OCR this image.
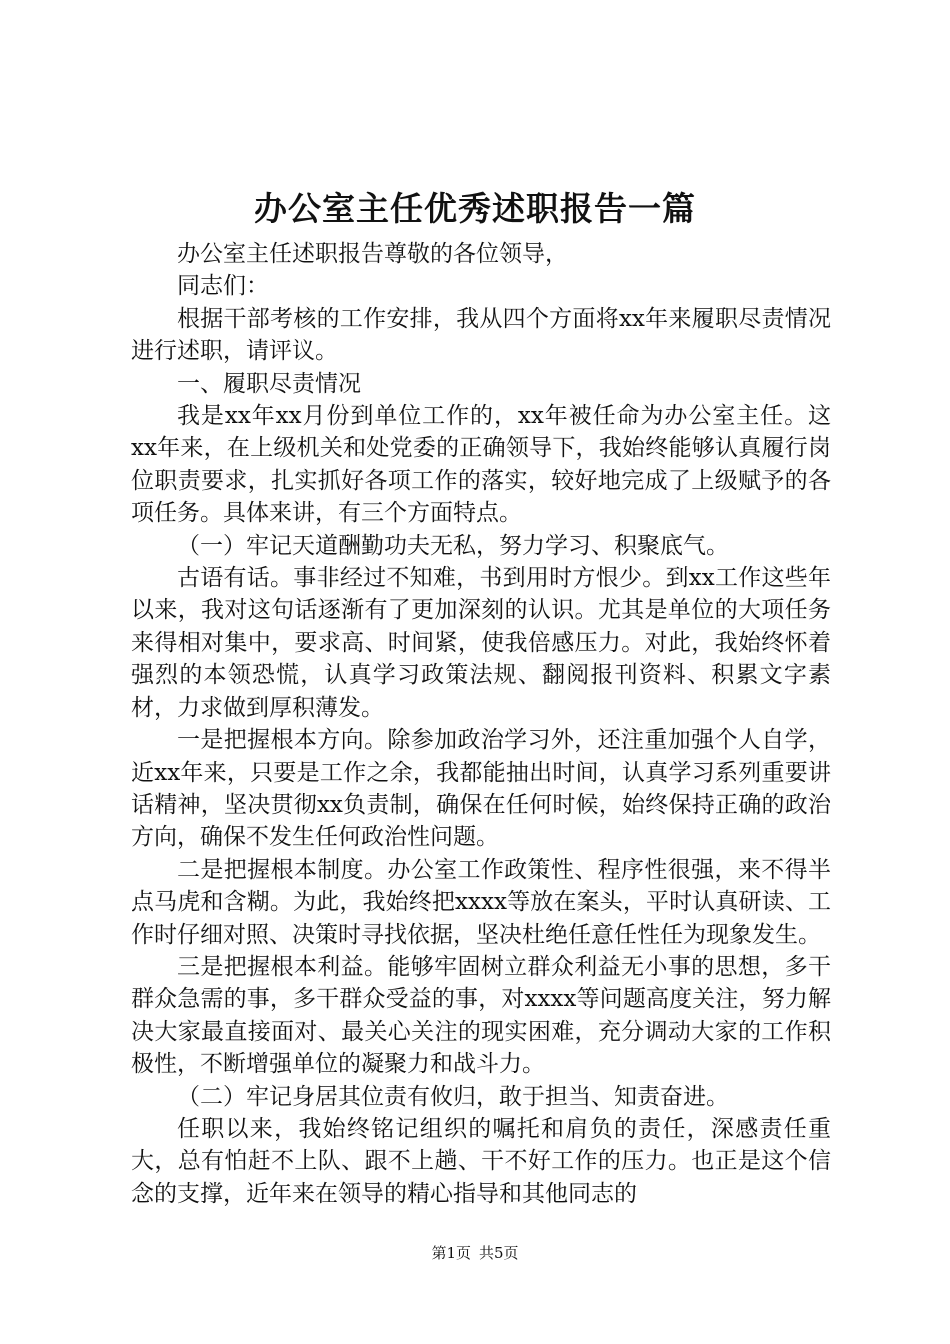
办公室主任优秀述职报告一篇

办公室主任述职报告尊敬的各位领导，

同志们：

根据干部考核的工作安排，我从四个方面将xx年来履职尽责情况进行述职，请评议。

一、履职尽责情况

我是xx年xx月份到单位工作的，xx年被任命为办公室主任。这xx年来，在上级机关和处党委的正确领导下，我始终能够认真履行岗位职责要求，扎实抓好各项工作的落实，较好地完成了上级赋予的各项任务。具体来讲，有三个方面特点。

（一）牢记天道酬勤功夫无私，努力学习、积聚底气。

古语有话。事非经过不知难，书到用时方恨少。到xx工作这些年以来，我对这句话逐渐有了更加深刻的认识。尤其是单位的大项任务来得相对集中，要求高、时间紧，使我倍感压力。对此，我始终怀着强烈的本领恐慌，认真学习政策法规、翻阅报刊资料、积累文字素材，力求做到厚积薄发。

一是把握根本方向。除参加政治学习外，还注重加强个人自学，近xx年来，只要是工作之余，我都能抽出时间，认真学习系列重要讲话精神，坚决贯彻xx负责制，确保在任何时候，始终保持正确的政治方向，确保不发生任何政治性问题。

二是把握根本制度。办公室工作政策性、程序性很强，来不得半点马虎和含糊。为此，我始终把xxxx等放在案头，平时认真研读、工作时仔细对照、决策时寻找依据，坚决杜绝任意任性任为现象发生。

三是把握根本利益。能够牢固树立群众利益无小事的思想，多干群众急需的事，多干群众受益的事，对xxxx等问题高度关注，努力解决大家最直接面对、最关心关注的现实困难，充分调动大家的工作积极性，不断增强单位的凝聚力和战斗力。

（二）牢记身居其位责有攸归，敢于担当、知责奋进。

任职以来，我始终铭记组织的嘱托和肩负的责任，深感责任重大，总有怕赶不上队、跟不上趟、干不好工作的压力。也正是这个信念的支撑，近年来在领导的精心指导和其他同志的

第1页 共5页
